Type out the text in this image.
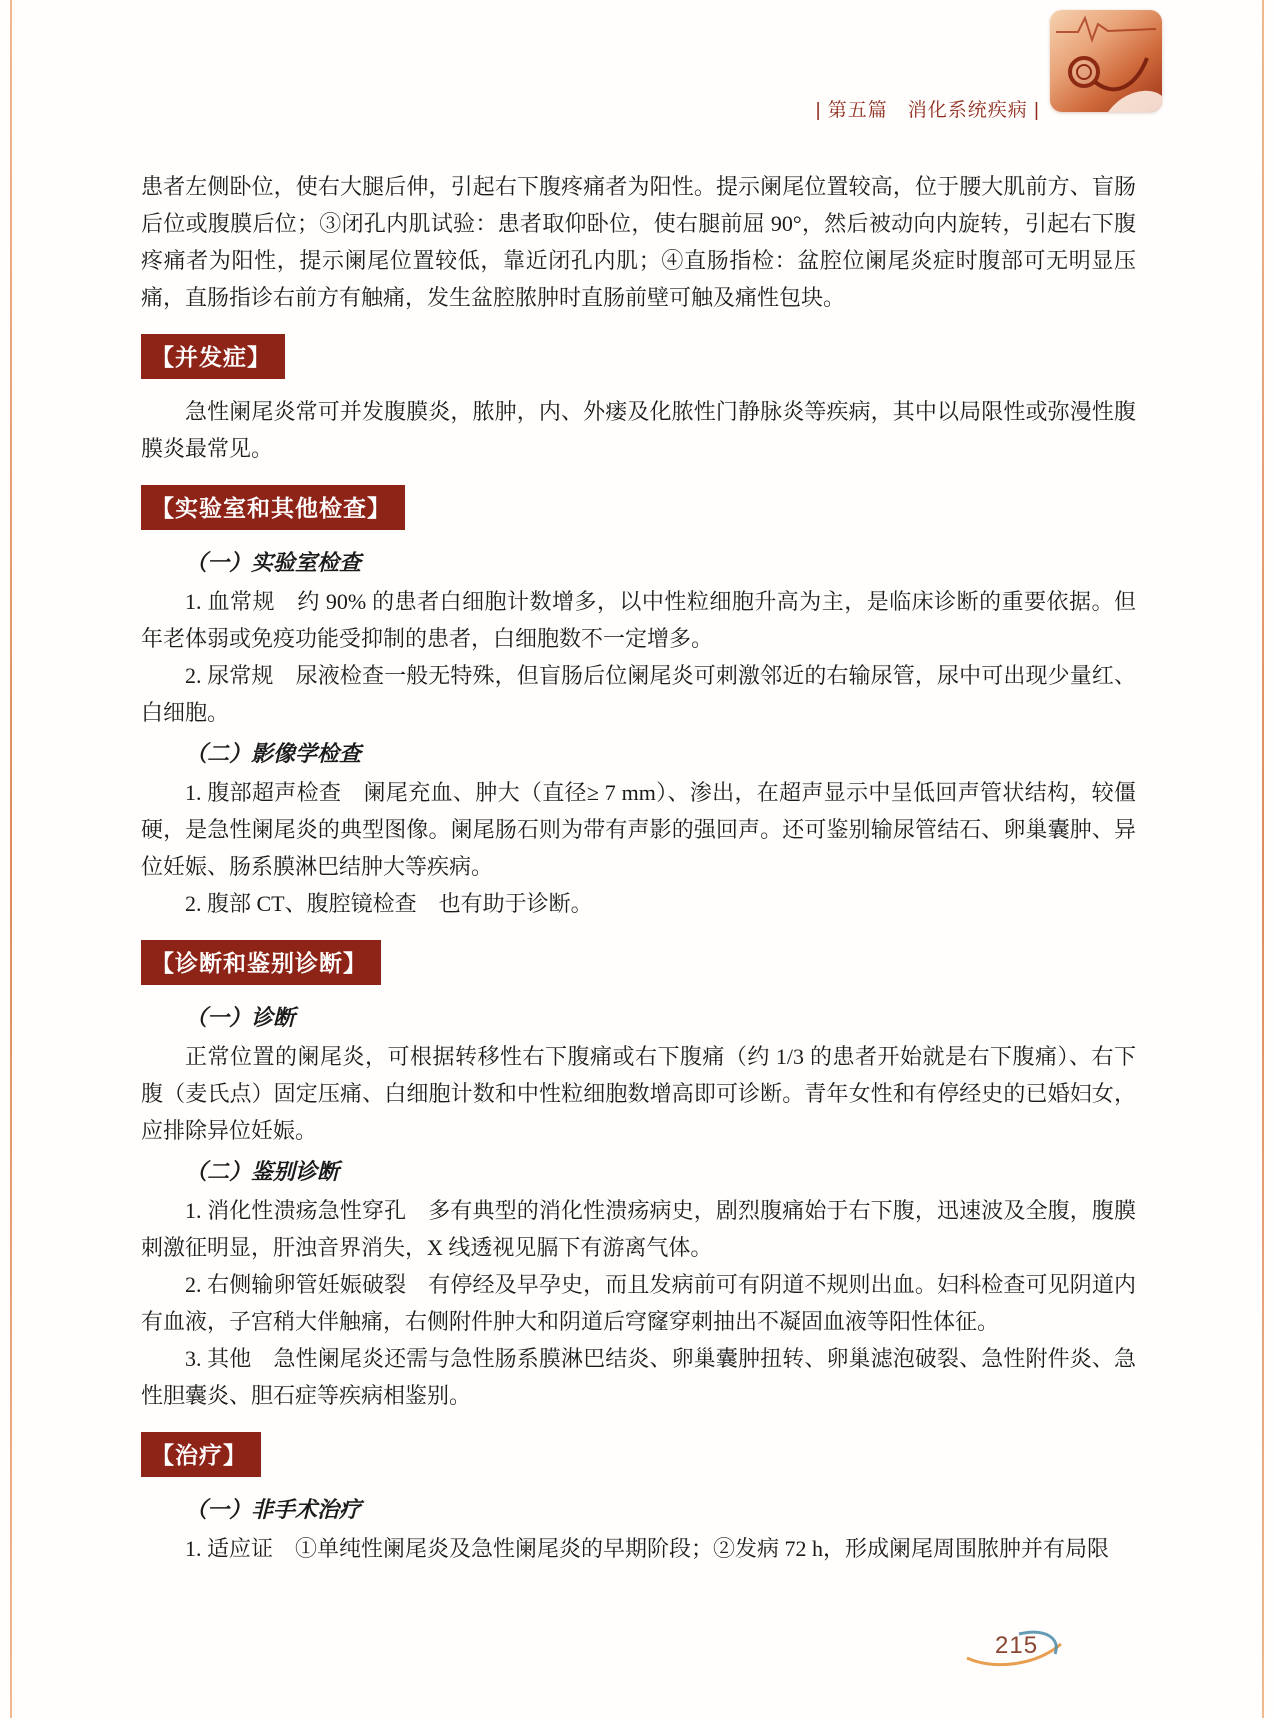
| 第五篇　消化系统疾病 |

患者左侧卧位，使右大腿后伸，引起右下腹疼痛者为阳性。提示阑尾位置较高，位于腰大肌前方、盲肠后位或腹膜后位；③闭孔内肌试验：患者取仰卧位，使右腿前屈 90°，然后被动向内旋转，引起右下腹疼痛者为阳性，提示阑尾位置较低，靠近闭孔内肌；④直肠指检：盆腔位阑尾炎症时腹部可无明显压痛，直肠指诊右前方有触痛，发生盆腔脓肿时直肠前壁可触及痛性包块。

【并发症】

急性阑尾炎常可并发腹膜炎，脓肿，内、外瘘及化脓性门静脉炎等疾病，其中以局限性或弥漫性腹膜炎最常见。

【实验室和其他检查】

（一）实验室检查

1. 血常规　约 90% 的患者白细胞计数增多，以中性粒细胞升高为主，是临床诊断的重要依据。但年老体弱或免疫功能受抑制的患者，白细胞数不一定增多。

2. 尿常规　尿液检查一般无特殊，但盲肠后位阑尾炎可刺激邻近的右输尿管，尿中可出现少量红、白细胞。

（二）影像学检查

1. 腹部超声检查　阑尾充血、肿大（直径≥ 7 mm）、渗出，在超声显示中呈低回声管状结构，较僵硬，是急性阑尾炎的典型图像。阑尾肠石则为带有声影的强回声。还可鉴别输尿管结石、卵巢囊肿、异位妊娠、肠系膜淋巴结肿大等疾病。

2. 腹部 CT、腹腔镜检查　也有助于诊断。

【诊断和鉴别诊断】

（一）诊断

正常位置的阑尾炎，可根据转移性右下腹痛或右下腹痛（约 1/3 的患者开始就是右下腹痛）、右下腹（麦氏点）固定压痛、白细胞计数和中性粒细胞数增高即可诊断。青年女性和有停经史的已婚妇女，应排除异位妊娠。

（二）鉴别诊断

1. 消化性溃疡急性穿孔　多有典型的消化性溃疡病史，剧烈腹痛始于右下腹，迅速波及全腹，腹膜刺激征明显，肝浊音界消失，X 线透视见膈下有游离气体。

2. 右侧输卵管妊娠破裂　有停经及早孕史，而且发病前可有阴道不规则出血。妇科检查可见阴道内有血液，子宫稍大伴触痛，右侧附件肿大和阴道后穹窿穿刺抽出不凝固血液等阳性体征。

3. 其他　急性阑尾炎还需与急性肠系膜淋巴结炎、卵巢囊肿扭转、卵巢滤泡破裂、急性附件炎、急性胆囊炎、胆石症等疾病相鉴别。

【治疗】

（一）非手术治疗

1. 适应证　①单纯性阑尾炎及急性阑尾炎的早期阶段；②发病 72 h，形成阑尾周围脓肿并有局限

215
